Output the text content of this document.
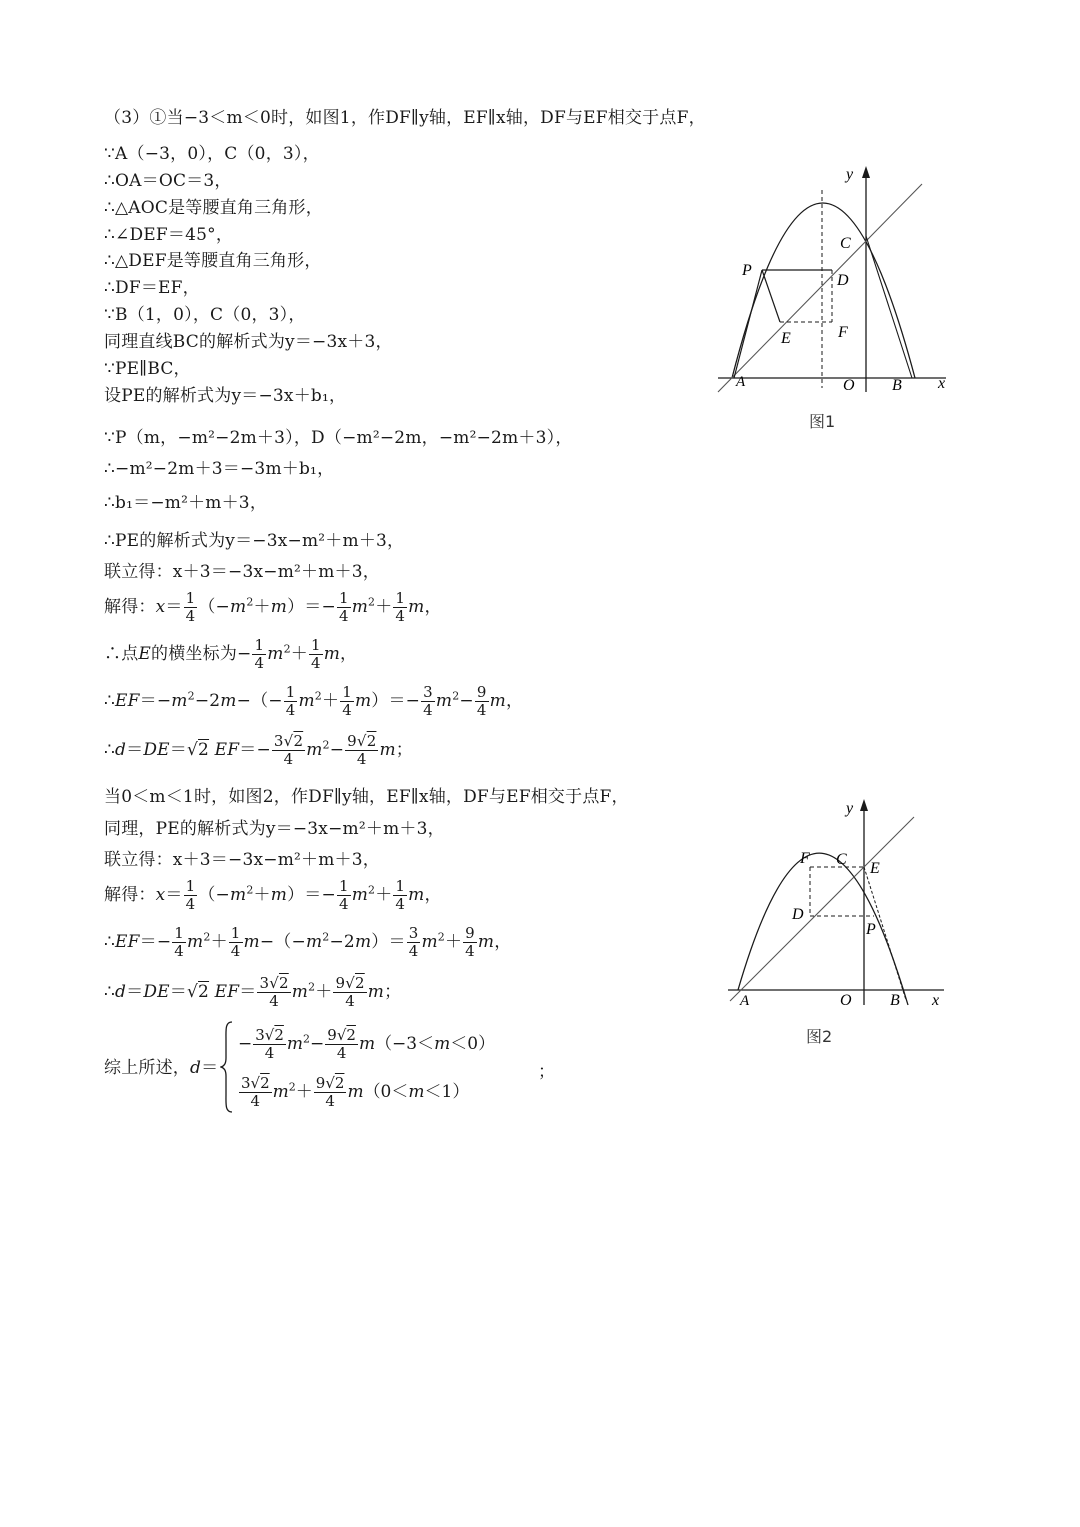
（3）①当−3＜m＜0时，如图1，作DF∥y轴，EF∥x轴，DF与EF相交于点F，
∵A（−3，0），C（0，3），
∴OA＝OC＝3，
∴△AOC是等腰直角三角形，
∴∠DEF＝45°，
∴△DEF是等腰直角三角形，
∴DF＝EF，
∵B（1，0），C（0，3），
同理直线BC的解析式为y＝−3x＋3，
∵PE∥BC，
设PE的解析式为y＝−3x＋b₁，
∵P（m，−m²−2m＋3），D（−m²−2m，−m²−2m＋3），
∴−m²−2m＋3＝−3m＋b₁，
∴b₁＝−m²＋m＋3，
∴PE的解析式为y＝−3x−m²＋m＋3，
联立得：x＋3＝−3x−m²＋m＋3，
解得：$x= \frac{1}{4} (-m^2+m)=- \frac{1}{4} m^2+ \frac{1}{4}$ m，
∴点E的横坐标为− $\frac{1}{4} m^2+ \frac{1}{4}$ m，
$\therefore EF=-m^2-2m-(- \frac{1}{4} m^2+ \frac{1}{4} m)=- \frac{3}{4} m^2- \frac{9}{4}$ m，
∴d＝DE＝√2 $EF=- \frac{3√2}{4} m^2- \frac{9√2}{4}$ m；
当0＜m＜1时，如图2，作DF∥y轴，EF∥x轴，DF与EF相交于点F，
同理，PE的解析式为y＝−3x−m²＋m＋3，
联立得：x＋3＝−3x−m²＋m＋3，
解得：$x= \frac{1}{4} (-m^2+m)=- \frac{1}{4} m^2+ \frac{1}{4}$ m，
∴EF＝− $\frac{1}{4} m^2+ \frac{1}{4} m-(-m^2-2m)= \frac{3}{4} m^2+ \frac{9}{4}$ m，
∴d＝DE＝√2 $EF= \frac{3√2}{4} m^2+ \frac{9√2}{4}$ m；
综上所述，d＝
− $\frac{3√2}{4} m^2- \frac{9√2}{4} m(-3<m<0)$
$\frac{3√2}{4} m^2+ \frac{9√2}{4} m(0<m<1)$
；
y
x
O
A	B
C
P
D
E	F
图1
y
x
O
A	B
C
F
E
D
P
图2
